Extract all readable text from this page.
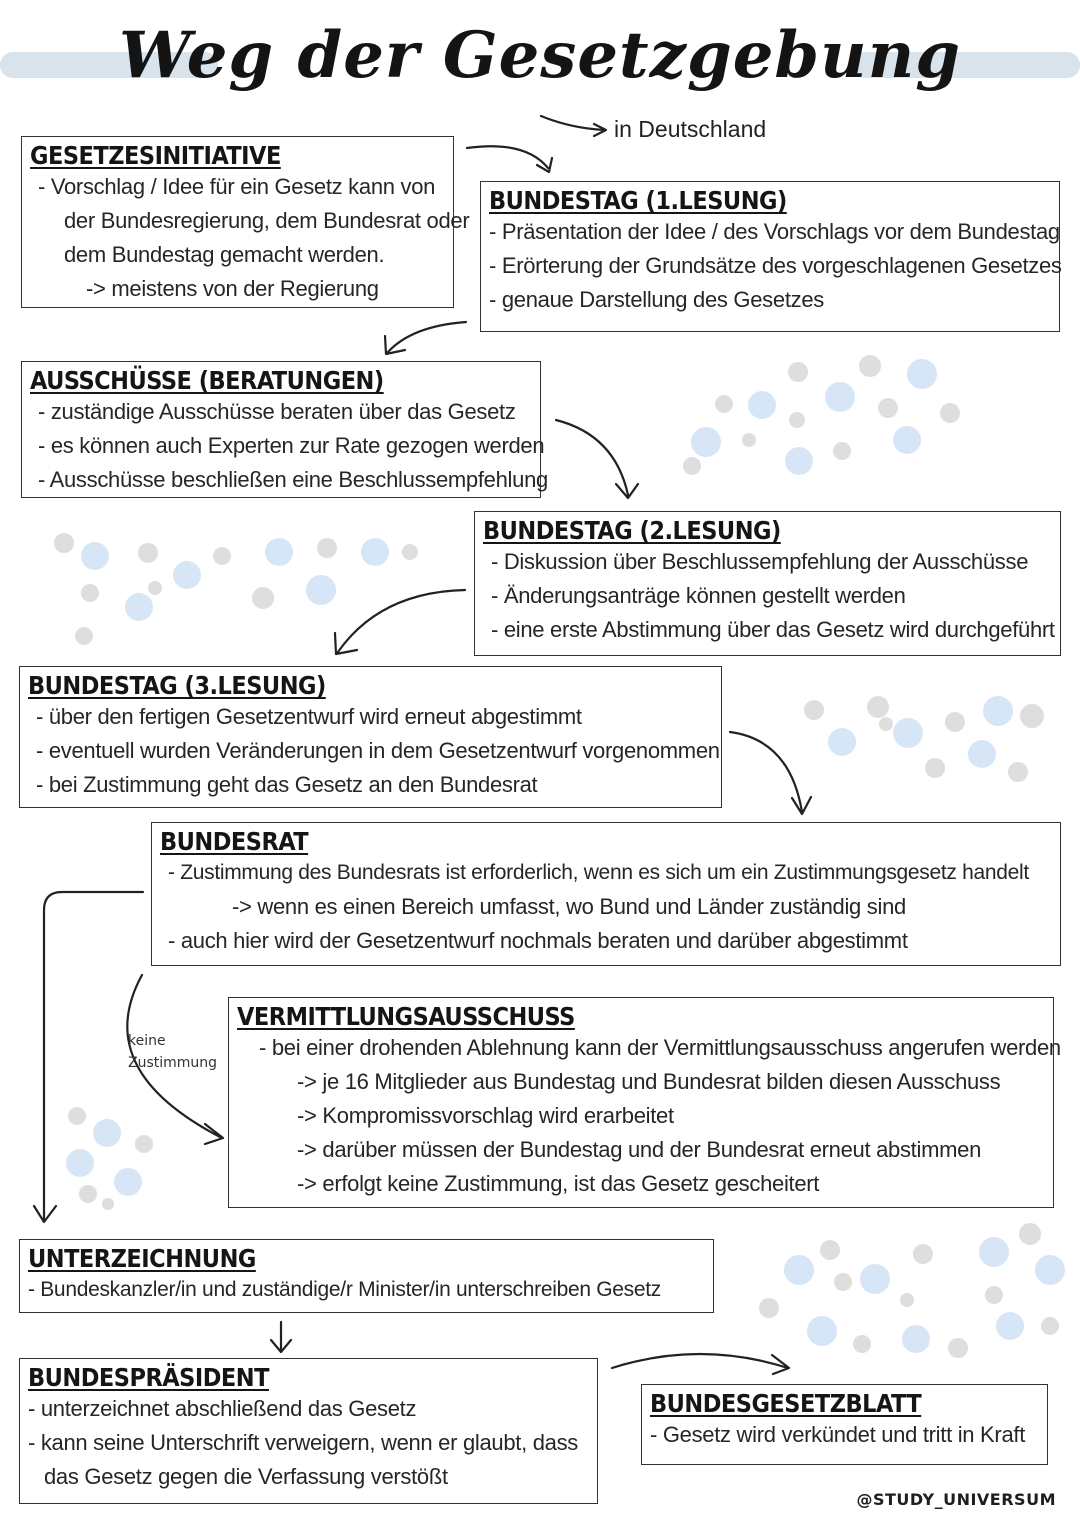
Weg der Gesetzgebung
in Deutschland
GESETZESINITIATIVE
- Vorschlag / Idee für ein Gesetz kann von
der Bundesregierung, dem Bundesrat oder
dem Bundestag gemacht werden.
-> meistens von der Regierung
BUNDESTAG (1.LESUNG)
- Präsentation der Idee / des Vorschlags vor dem Bundestag
- Erörterung der Grundsätze des vorgeschlagenen Gesetzes
- genaue Darstellung des Gesetzes
AUSSCHÜSSE (BERATUNGEN)
- zuständige Ausschüsse beraten über das Gesetz
- es können auch Experten zur Rate gezogen werden
- Ausschüsse beschließen eine Beschlussempfehlung
BUNDESTAG (2.LESUNG)
- Diskussion über Beschlussempfehlung der Ausschüsse
- Änderungsanträge können gestellt werden
- eine erste Abstimmung über das Gesetz wird durchgeführt
BUNDESTAG (3.LESUNG)
- über den fertigen Gesetzentwurf wird erneut abgestimmt
- eventuell wurden Veränderungen in dem Gesetzentwurf vorgenommen
- bei Zustimmung geht das Gesetz an den Bundesrat
BUNDESRAT
- Zustimmung des Bundesrats ist erforderlich, wenn es sich um ein Zustimmungsgesetz handelt
-> wenn es einen Bereich umfasst, wo Bund und Länder zuständig sind
- auch hier wird der Gesetzentwurf nochmals beraten und darüber abgestimmt
keine
Zustimmung
VERMITTLUNGSAUSSCHUSS
- bei einer drohenden Ablehnung kann der Vermittlungsausschuss angerufen werden
-> je 16 Mitglieder aus Bundestag und Bundesrat bilden diesen Ausschuss
-> Kompromissvorschlag wird erarbeitet
-> darüber müssen der Bundestag und der Bundesrat erneut abstimmen
-> erfolgt keine Zustimmung, ist das Gesetz gescheitert
UNTERZEICHNUNG
- Bundeskanzler/in und zuständige/r Minister/in unterschreiben Gesetz
BUNDESPRÄSIDENT
- unterzeichnet abschließend das Gesetz
- kann seine Unterschrift verweigern, wenn er glaubt, dass
das Gesetz gegen die Verfassung verstößt
BUNDESGESETZBLATT
- Gesetz wird verkündet und tritt in Kraft
@STUDY_UNIVERSUM
